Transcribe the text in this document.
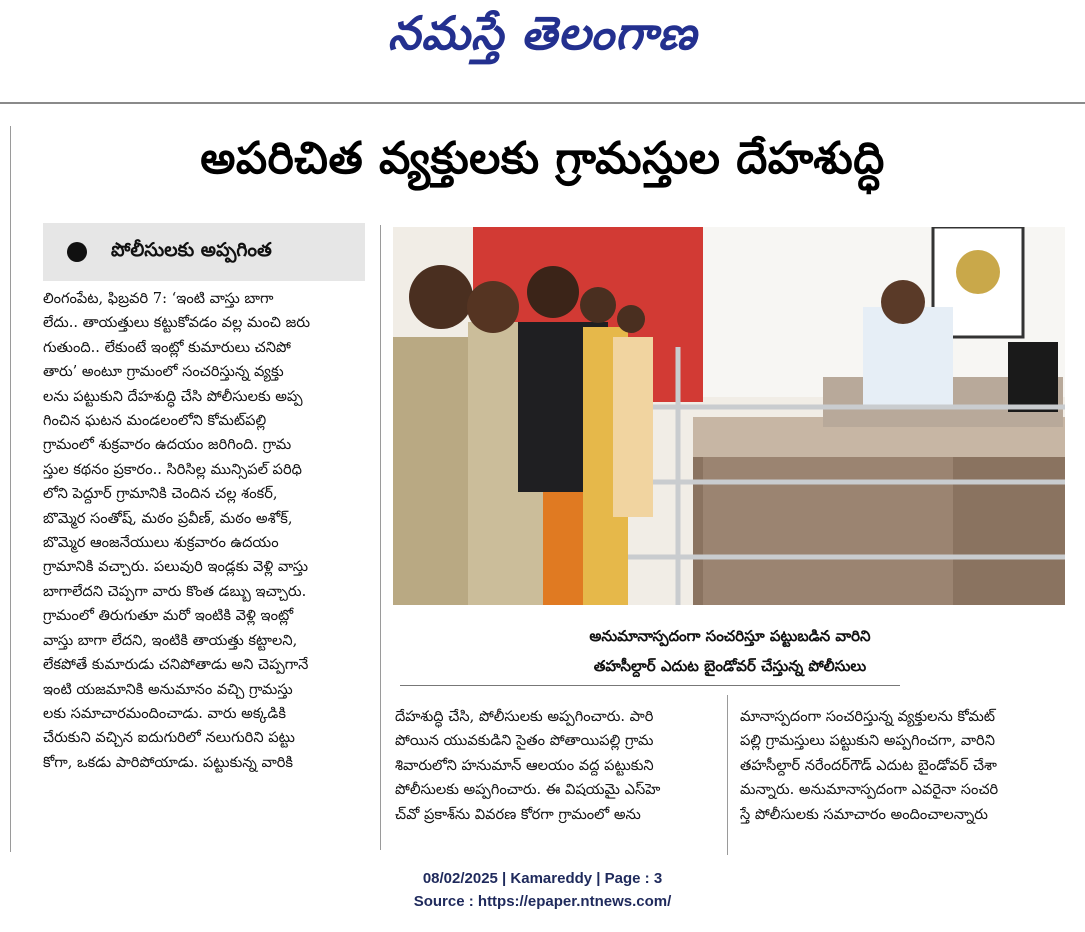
నమస్తే తెలంగాణ
అపరిచిత వ్యక్తులకు గ్రామస్తుల దేహశుద్ధి
పోలీసులకు అప్పగింత

లింగంపేట, ఫిబ్రవరి 7: ‘ఇంటి వాస్తు బాగా

లేదు.. తాయత్తులు కట్టుకోవడం వల్ల మంచి జరు

గుతుంది.. లేకుంటే ఇంట్లో కుమారులు చనిపో

తారు’ అంటూ గ్రామంలో సంచరిస్తున్న వ్యక్తు

లను పట్టుకుని దేహశుద్ధి చేసి పోలీసులకు అప్ప

గించిన ఘటన మండలంలోని కోమట్‌పల్లి

గ్రామంలో శుక్రవారం ఉదయం జరిగింది. గ్రామ

స్తుల కథనం ప్రకారం.. సిరిసిల్ల మున్సిపల్ పరిధి

లోని పెద్దూర్ గ్రామానికి చెందిన చల్ల శంకర్,

బొమ్మెర సంతోష్, మఠం ప్రవీణ్, మఠం అశోక్,

బొమ్మెర ఆంజనేయులు శుక్రవారం ఉదయం

గ్రామానికి వచ్చారు. పలువురి ఇండ్లకు వెళ్లి వాస్తు

బాగాలేదని చెప్పగా వారు కొంత డబ్బు ఇచ్చారు.

గ్రామంలో తిరుగుతూ మరో ఇంటికి వెళ్లి ఇంట్లో

వాస్తు బాగా లేదని, ఇంటికి తాయత్తు కట్టాలని,

లేకపోతే కుమారుడు చనిపోతాడు అని చెప్పగానే

ఇంటి యజమానికి అనుమానం వచ్చి గ్రామస్తు

లకు సమాచారమందించాడు. వారు అక్కడికి

చేరుకుని వచ్చిన ఐదుగురిలో నలుగురిని పట్టు

కోగా, ఒకడు పారిపోయాడు. పట్టుకున్న వారికి

అనుమానాస్పదంగా సంచరిస్తూ పట్టుబడిన వారిని
తహసీల్దార్ ఎదుట బైండోవర్ చేస్తున్న పోలీసులు

దేహశుద్ధి చేసి, పోలీసులకు అప్పగించారు. పారి

పోయిన యువకుడిని సైతం పోతాయిపల్లి గ్రామ

శివారులోని హనుమాన్ ఆలయం వద్ద పట్టుకుని

పోలీసులకు అప్పగించారు. ఈ విషయమై ఎస్‌హె

చ్‌వో ప్రకాశ్‌ను వివరణ కోరగా గ్రామంలో అను

మానాస్పదంగా సంచరిస్తున్న వ్యక్తులను కోమట్

పల్లి గ్రామస్తులు పట్టుకుని అప్పగించగా, వారిని

తహసీల్దార్ నరేందర్‌గౌడ్ ఎదుట బైండోవర్ చేశా

మన్నారు. అనుమానాస్పదంగా ఎవరైనా సంచరి

స్తే పోలీసులకు సమాచారం అందించాలన్నారు

08/02/2025 | Kamareddy | Page : 3
Source : https://epaper.ntnews.com/
